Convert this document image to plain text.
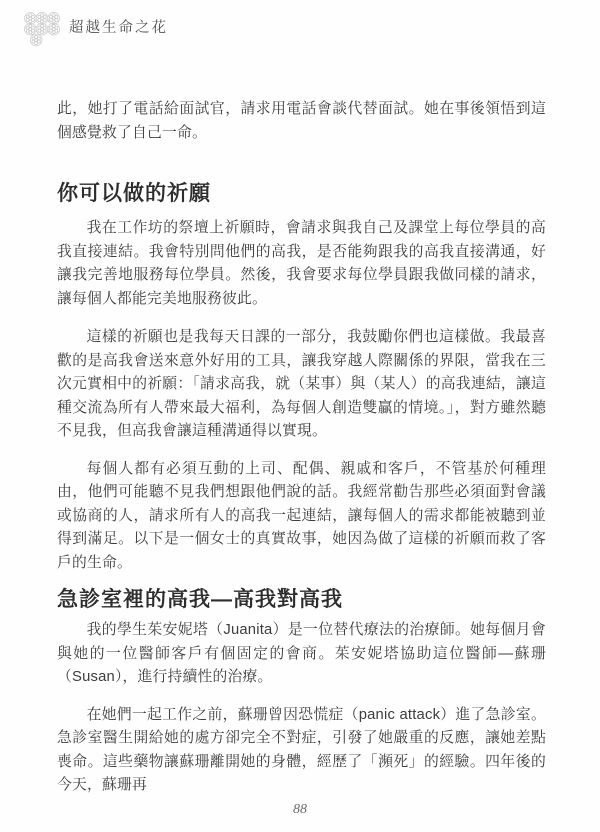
超越生命之花

此，她打了電話給面試官，請求用電話會談代替面試。她在事後領悟到這個感覺救了自己一命。

你可以做的祈願

我在工作坊的祭壇上祈願時，會請求與我自己及課堂上每位學員的高我直接連結。我會特別問他們的高我，是否能夠跟我的高我直接溝通，好讓我完善地服務每位學員。然後，我會要求每位學員跟我做同樣的請求，讓每個人都能完美地服務彼此。

這樣的祈願也是我每天日課的一部分，我鼓勵你們也這樣做。我最喜歡的是高我會送來意外好用的工具，讓我穿越人際關係的界限，當我在三次元實相中的祈願：「請求高我，就（某事）與（某人）的高我連結，讓這種交流為所有人帶來最大福利，為每個人創造雙贏的情境。」，對方雖然聽不見我，但高我會讓這種溝通得以實現。

每個人都有必須互動的上司、配偶、親戚和客戶，不管基於何種理由，他們可能聽不見我們想跟他們說的話。我經常勸告那些必須面對會議或協商的人，請求所有人的高我一起連結，讓每個人的需求都能被聽到並得到滿足。以下是一個女士的真實故事，她因為做了這樣的祈願而救了客戶的生命。

急診室裡的高我—高我對高我

我的學生茱安妮塔（Juanita）是一位替代療法的治療師。她每個月會與她的一位醫師客戶有個固定的會商。茱安妮塔協助這位醫師—蘇珊（Susan），進行持續性的治療。

在她們一起工作之前，蘇珊曾因恐慌症（panic attack）進了急診室。急診室醫生開給她的處方卻完全不對症，引發了她嚴重的反應，讓她差點喪命。這些藥物讓蘇珊離開她的身體，經歷了「瀕死」的經驗。四年後的今天，蘇珊再

88
